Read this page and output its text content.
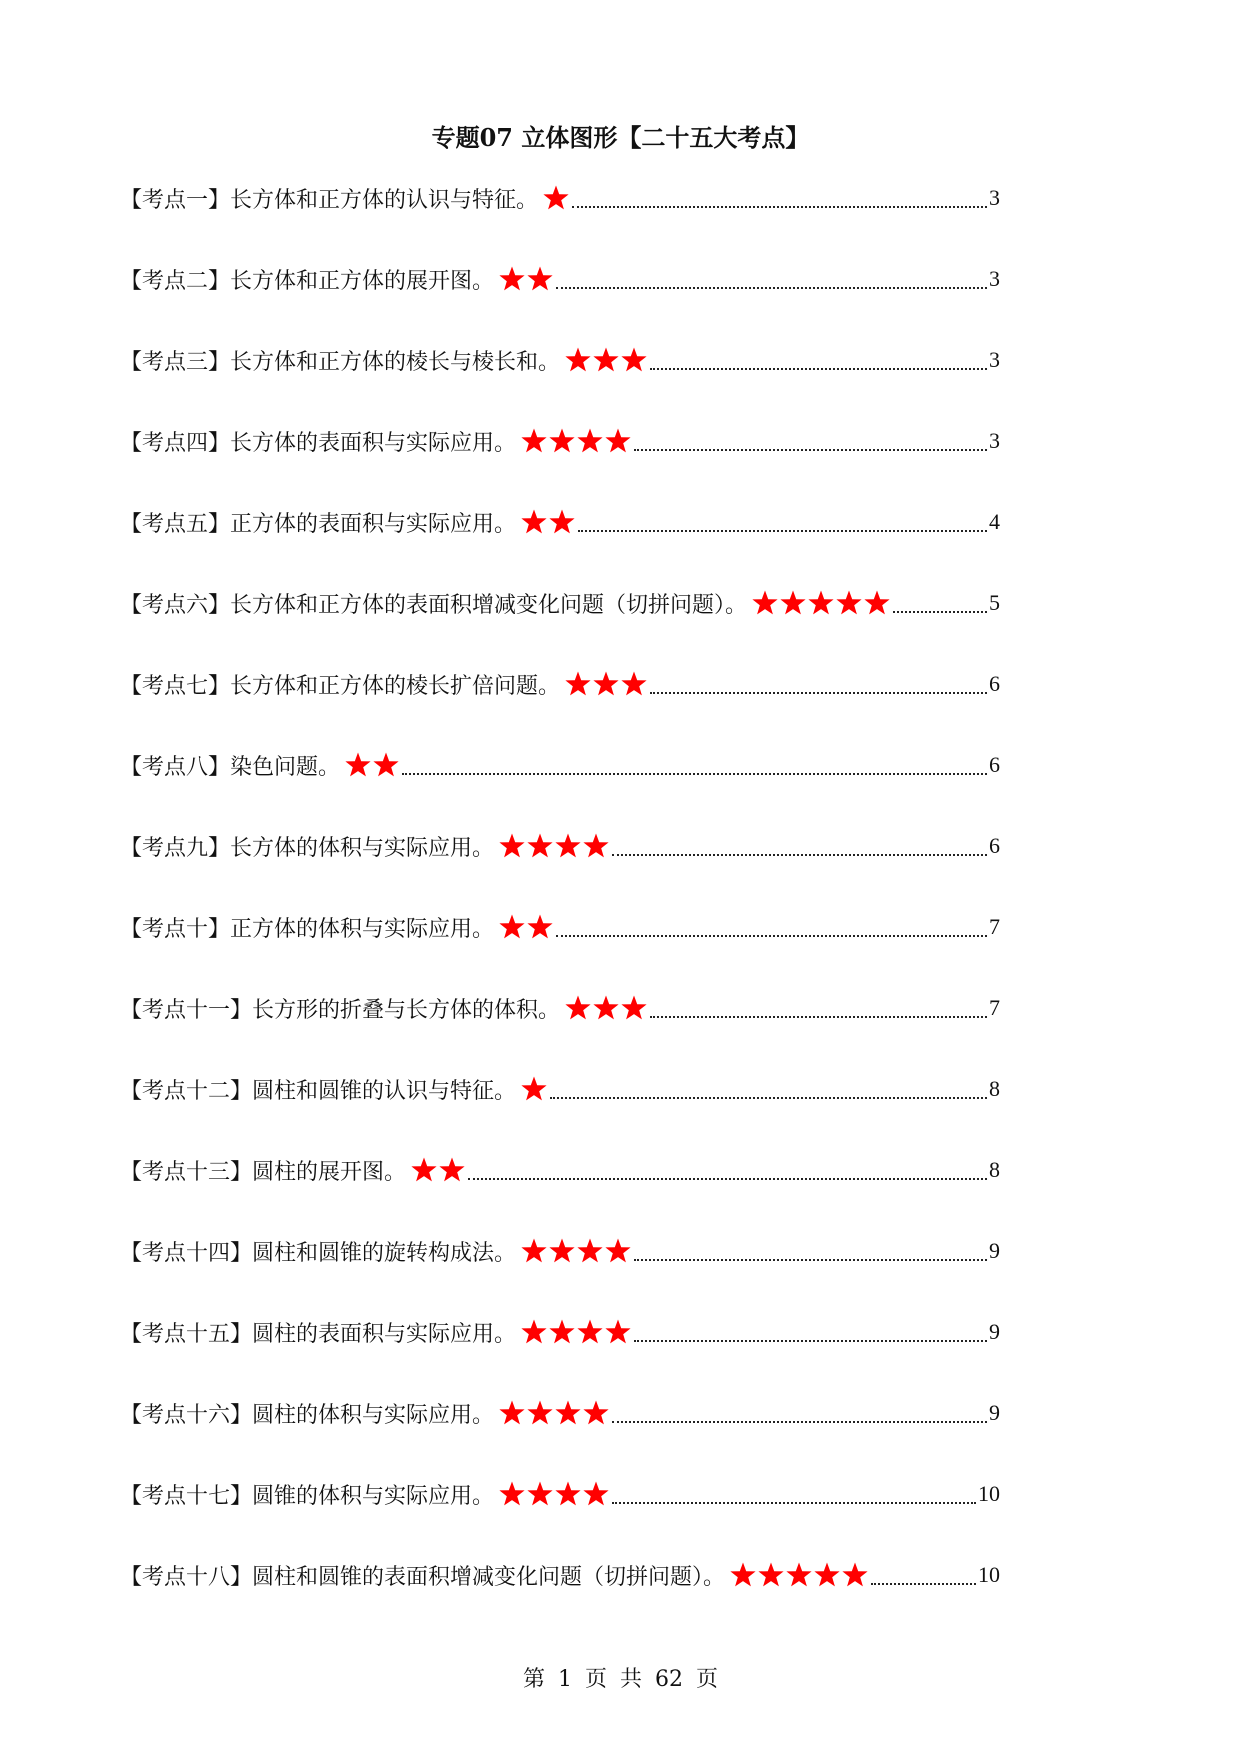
专题07 立体图形【二十五大考点】
【考点一】长方体和正方体的认识与特征。	3
【考点二】长方体和正方体的展开图。	3
【考点三】长方体和正方体的棱长与棱长和。	3
【考点四】长方体的表面积与实际应用。	3
【考点五】正方体的表面积与实际应用。	4
【考点六】长方体和正方体的表面积增减变化问题（切拼问题）。	5
【考点七】长方体和正方体的棱长扩倍问题。	6
【考点八】染色问题。	6
【考点九】长方体的体积与实际应用。	6
【考点十】正方体的体积与实际应用。	7
【考点十一】长方形的折叠与长方体的体积。	7
【考点十二】圆柱和圆锥的认识与特征。	8
【考点十三】圆柱的展开图。	8
【考点十四】圆柱和圆锥的旋转构成法。	9
【考点十五】圆柱的表面积与实际应用。	9
【考点十六】圆柱的体积与实际应用。	9
【考点十七】圆锥的体积与实际应用。	10
【考点十八】圆柱和圆锥的表面积增减变化问题（切拼问题）。	10
第 1 页 共 62 页
